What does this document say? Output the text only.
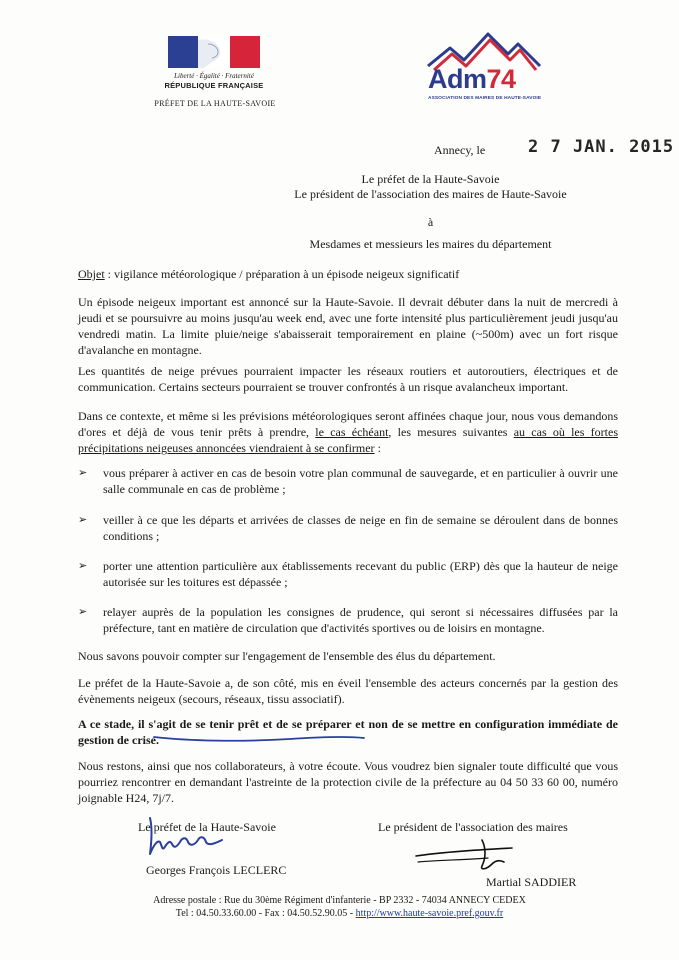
Liberté · Égalité · Fraternité
RÉPUBLIQUE FRANÇAISE
PRÉFET DE LA HAUTE-SAVOIE
Adm74
ASSOCIATION DES MAIRES DE HAUTE-SAVOIE
Annecy, le	2 7 JAN. 2015
Le préfet de la Haute-Savoie
Le président de l'association des maires de Haute-Savoie
à
Mesdames et messieurs les maires du département
Objet : vigilance météorologique / préparation à un épisode neigeux significatif
Un épisode neigeux important est annoncé sur la Haute-Savoie. Il devrait débuter dans la nuit de mercredi à jeudi et se poursuivre au moins jusqu'au week end, avec une forte intensité plus particulièrement jeudi jusqu'au vendredi matin. La limite pluie/neige s'abaisserait temporairement en plaine (~500m) avec un fort risque d'avalanche en montagne.
Les quantités de neige prévues pourraient impacter les réseaux routiers et autoroutiers, électriques et de communication. Certains secteurs pourraient se trouver confrontés à un risque avalancheux important.
Dans ce contexte, et même si les prévisions météorologiques seront affinées chaque jour, nous vous demandons d'ores et déjà de vous tenir prêts à prendre, le cas échéant, les mesures suivantes au cas où les fortes précipitations neigeuses annoncées viendraient à se confirmer :
➢ vous préparer à activer en cas de besoin votre plan communal de sauvegarde, et en particulier à ouvrir une salle communale en cas de problème ;
➢ veiller à ce que les départs et arrivées de classes de neige en fin de semaine se déroulent dans de bonnes conditions ;
➢ porter une attention particulière aux établissements recevant du public (ERP) dès que la hauteur de neige autorisée sur les toitures est dépassée ;
➢ relayer auprès de la population les consignes de prudence, qui seront si nécessaires diffusées par la préfecture, tant en matière de circulation que d'activités sportives ou de loisirs en montagne.
Nous savons pouvoir compter sur l'engagement de l'ensemble des élus du département.
Le préfet de la Haute-Savoie a, de son côté, mis en éveil l'ensemble des acteurs concernés par la gestion des évènements neigeux (secours, réseaux, tissu associatif).
A ce stade, il s'agit de se tenir prêt et de se préparer et non de se mettre en configuration immédiate de gestion de crise.
Nous restons, ainsi que nos collaborateurs, à votre écoute. Vous voudrez bien signaler toute difficulté que vous pourriez rencontrer en demandant l'astreinte de la protection civile de la préfecture au 04 50 33 60 00, numéro joignable H24, 7j/7.
Le préfet de la Haute-Savoie
Georges François LECLERC
Le président de l'association des maires
Martial SADDIER
Adresse postale : Rue du 30ème Régiment d'infanterie - BP 2332 - 74034 ANNECY CEDEX
Tel : 04.50.33.60.00 - Fax : 04.50.52.90.05 - http://www.haute-savoie.pref.gouv.fr
